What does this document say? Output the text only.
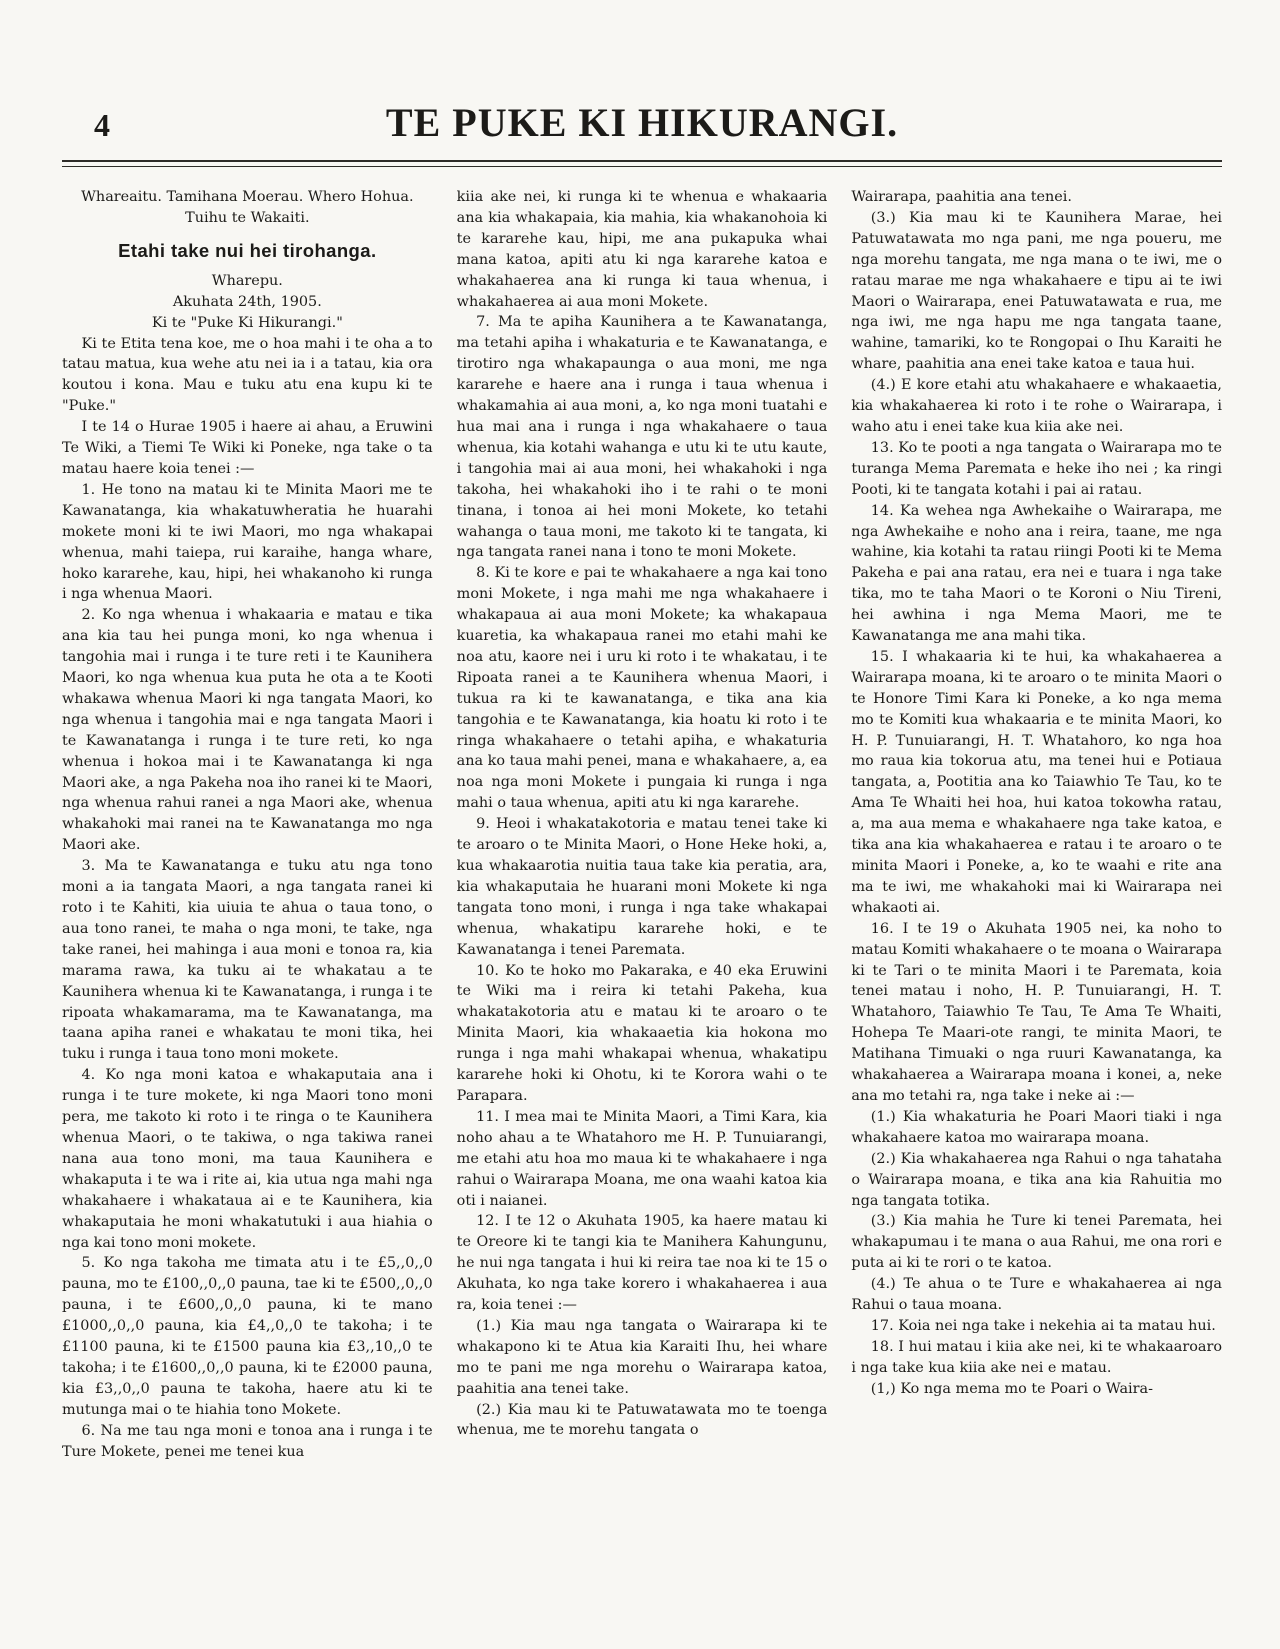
4	TE PUKE KI HIKURANGI.

Whareaitu. Tamihana Moerau. Whero Hohua. Tuihu te Wakaiti.

Etahi take nui hei tirohanga.

Wharepu.

Akuhata 24th, 1905.

Ki te "Puke Ki Hikurangi."

Ki te Etita tena koe, me o hoa mahi i te oha a to tatau matua, kua wehe atu nei ia i a tatau, kia ora koutou i kona. Mau e tuku atu ena kupu ki te "Puke."

I te 14 o Hurae 1905 i haere ai ahau, a Eruwini Te Wiki, a Tiemi Te Wiki ki Poneke, nga take o ta matau haere koia tenei :—

1. He tono na matau ki te Minita Maori me te Kawanatanga, kia whakatuwheratia he huarahi mokete moni ki te iwi Maori, mo nga whakapai whenua, mahi taiepa, rui karaihe, hanga whare, hoko kararehe, kau, hipi, hei whakanoho ki runga i nga whenua Maori.

2. Ko nga whenua i whakaaria e matau e tika ana kia tau hei punga moni, ko nga whenua i tangohia mai i runga i te ture reti i te Kaunihera Maori, ko nga whenua kua puta he ota a te Kooti whakawa whenua Maori ki nga tangata Maori, ko nga whenua i tangohia mai e nga tangata Maori i te Kawanatanga i runga i te ture reti, ko nga whenua i hokoa mai i te Kawanatanga ki nga Maori ake, a nga Pakeha noa iho ranei ki te Maori, nga whenua rahui ranei a nga Maori ake, whenua whakahoki mai ranei na te Kawanatanga mo nga Maori ake.

3. Ma te Kawanatanga e tuku atu nga tono moni a ia tangata Maori, a nga tangata ranei ki roto i te Kahiti, kia uiuia te ahua o taua tono, o aua tono ranei, te maha o nga moni, te take, nga take ranei, hei mahinga i aua moni e tonoa ra, kia marama rawa, ka tuku ai te whakatau a te Kaunihera whenua ki te Kawanatanga, i runga i te ripoata whakamarama, ma te Kawanatanga, ma taana apiha ranei e whakatau te moni tika, hei tuku i runga i taua tono moni mokete.

4. Ko nga moni katoa e whakaputaia ana i runga i te ture mokete, ki nga Maori tono moni pera, me takoto ki roto i te ringa o te Kaunihera whenua Maori, o te takiwa, o nga takiwa ranei nana aua tono moni, ma taua Kaunihera e whakaputa i te wa i rite ai, kia utua nga mahi nga whakahaere i whakataua ai e te Kaunihera, kia whakaputaia he moni whakatutuki i aua hiahia o nga kai tono moni mokete.

5. Ko nga takoha me timata atu i te £5,,0,,0 pauna, mo te £100,,0,,0 pauna, tae ki te £500,,0,,0 pauna, i te £600,,0,,0 pauna, ki te mano £1000,,0,,0 pauna, kia £4,,0,,0 te takoha; i te £1100 pauna, ki te £1500 pauna kia £3,,10,,0 te takoha; i te £1600,,0,,0 pauna, ki te £2000 pauna, kia £3,,0,,0 pauna te takoha, haere atu ki te mutunga mai o te hiahia tono Mokete.

6. Na me tau nga moni e tonoa ana i runga i te Ture Mokete, penei me tenei kua

kiia ake nei, ki runga ki te whenua e whakaaria ana kia whakapaia, kia mahia, kia whakanohoia ki te kararehe kau, hipi, me ana pukapuka whai mana katoa, apiti atu ki nga kararehe katoa e whakahaerea ana ki runga ki taua whenua, i whakahaerea ai aua moni Mokete.

7. Ma te apiha Kaunihera a te Kawanatanga, ma tetahi apiha i whakaturia e te Kawanatanga, e tirotiro nga whakapaunga o aua moni, me nga kararehe e haere ana i runga i taua whenua i whakamahia ai aua moni, a, ko nga moni tuatahi e hua mai ana i runga i nga whakahaere o taua whenua, kia kotahi wahanga e utu ki te utu kaute, i tangohia mai ai aua moni, hei whakahoki i nga takoha, hei whakahoki iho i te rahi o te moni tinana, i tonoa ai hei moni Mokete, ko tetahi wahanga o taua moni, me takoto ki te tangata, ki nga tangata ranei nana i tono te moni Mokete.

8. Ki te kore e pai te whakahaere a nga kai tono moni Mokete, i nga mahi me nga whakahaere i whakapaua ai aua moni Mokete; ka whakapaua kuaretia, ka whakapaua ranei mo etahi mahi ke noa atu, kaore nei i uru ki roto i te whakatau, i te Ripoata ranei a te Kaunihera whenua Maori, i tukua ra ki te kawanatanga, e tika ana kia tangohia e te Kawanatanga, kia hoatu ki roto i te ringa whakahaere o tetahi apiha, e whakaturia ana ko taua mahi penei, mana e whakahaere, a, ea noa nga moni Mokete i pungaia ki runga i nga mahi o taua whenua, apiti atu ki nga kararehe.

9. Heoi i whakatakotoria e matau tenei take ki te aroaro o te Minita Maori, o Hone Heke hoki, a, kua whakaarotia nuitia taua take kia peratia, ara, kia whakaputaia he huarani moni Mokete ki nga tangata tono moni, i runga i nga take whakapai whenua, whakatipu kararehe hoki, e te Kawanatanga i tenei Paremata.

10. Ko te hoko mo Pakaraka, e 40 eka Eruwini te Wiki ma i reira ki tetahi Pakeha, kua whakatakotoria atu e matau ki te aroaro o te Minita Maori, kia whakaaetia kia hokona mo runga i nga mahi whakapai whenua, whakatipu kararehe hoki ki Ohotu, ki te Korora wahi o te Parapara.

11. I mea mai te Minita Maori, a Timi Kara, kia noho ahau a te Whatahoro me H. P. Tunuiarangi, me etahi atu hoa mo maua ki te whakahaere i nga rahui o Wairarapa Moana, me ona waahi katoa kia oti i naianei.

12. I te 12 o Akuhata 1905, ka haere matau ki te Oreore ki te tangi kia te Manihera Kahungunu, he nui nga tangata i hui ki reira tae noa ki te 15 o Akuhata, ko nga take korero i whakahaerea i aua ra, koia tenei :—

(1.) Kia mau nga tangata o Wairarapa ki te whakapono ki te Atua kia Karaiti Ihu, hei whare mo te pani me nga morehu o Wairarapa katoa, paahitia ana tenei take.

(2.) Kia mau ki te Patuwatawata mo te toenga whenua, me te morehu tangata o

Wairarapa, paahitia ana tenei.

(3.) Kia mau ki te Kaunihera Marae, hei Patuwatawata mo nga pani, me nga poueru, me nga morehu tangata, me nga mana o te iwi, me o ratau marae me nga whakahaere e tipu ai te iwi Maori o Wairarapa, enei Patuwatawata e rua, me nga iwi, me nga hapu me nga tangata taane, wahine, tamariki, ko te Rongopai o Ihu Karaiti he whare, paahitia ana enei take katoa e taua hui.

(4.) E kore etahi atu whakahaere e whakaaetia, kia whakahaerea ki roto i te rohe o Wairarapa, i waho atu i enei take kua kiia ake nei.

13. Ko te pooti a nga tangata o Wairarapa mo te turanga Mema Paremata e heke iho nei ; ka ringi Pooti, ki te tangata kotahi i pai ai ratau.

14. Ka wehea nga Awhekaihe o Wairarapa, me nga Awhekaihe e noho ana i reira, taane, me nga wahine, kia kotahi ta ratau riingi Pooti ki te Mema Pakeha e pai ana ratau, era nei e tuara i nga take tika, mo te taha Maori o te Koroni o Niu Tireni, hei awhina i nga Mema Maori, me te Kawanatanga me ana mahi tika.

15. I whakaaria ki te hui, ka whakahaerea a Wairarapa moana, ki te aroaro o te minita Maori o te Honore Timi Kara ki Poneke, a ko nga mema mo te Komiti kua whakaaria e te minita Maori, ko H. P. Tunuiarangi, H. T. Whatahoro, ko nga hoa mo raua kia tokorua atu, ma tenei hui e Potiaua tangata, a, Pootitia ana ko Taiawhio Te Tau, ko te Ama Te Whaiti hei hoa, hui katoa tokowha ratau, a, ma aua mema e whakahaere nga take katoa, e tika ana kia whakahaerea e ratau i te aroaro o te minita Maori i Poneke, a, ko te waahi e rite ana ma te iwi, me whakahoki mai ki Wairarapa nei whakaoti ai.

16. I te 19 o Akuhata 1905 nei, ka noho to matau Komiti whakahaere o te moana o Wairarapa ki te Tari o te minita Maori i te Paremata, koia tenei matau i noho, H. P. Tunuiarangi, H. T. Whatahoro, Taiawhio Te Tau, Te Ama Te Whaiti, Hohepa Te Maari-ote rangi, te minita Maori, te Matihana Timuaki o nga ruuri Kawanatanga, ka whakahaerea a Wairarapa moana i konei, a, neke ana mo tetahi ra, nga take i neke ai :—

(1.) Kia whakaturia he Poari Maori tiaki i nga whakahaere katoa mo wairarapa moana.

(2.) Kia whakahaerea nga Rahui o nga tahataha o Wairarapa moana, e tika ana kia Rahuitia mo nga tangata totika.

(3.) Kia mahia he Ture ki tenei Paremata, hei whakapumau i te mana o aua Rahui, me ona rori e puta ai ki te rori o te katoa.

(4.) Te ahua o te Ture e whakahaerea ai nga Rahui o taua moana.

17. Koia nei nga take i nekehia ai ta matau hui.

18. I hui matau i kiia ake nei, ki te whakaaroaro i nga take kua kiia ake nei e matau.

(1,) Ko nga mema mo te Poari o Waira-
